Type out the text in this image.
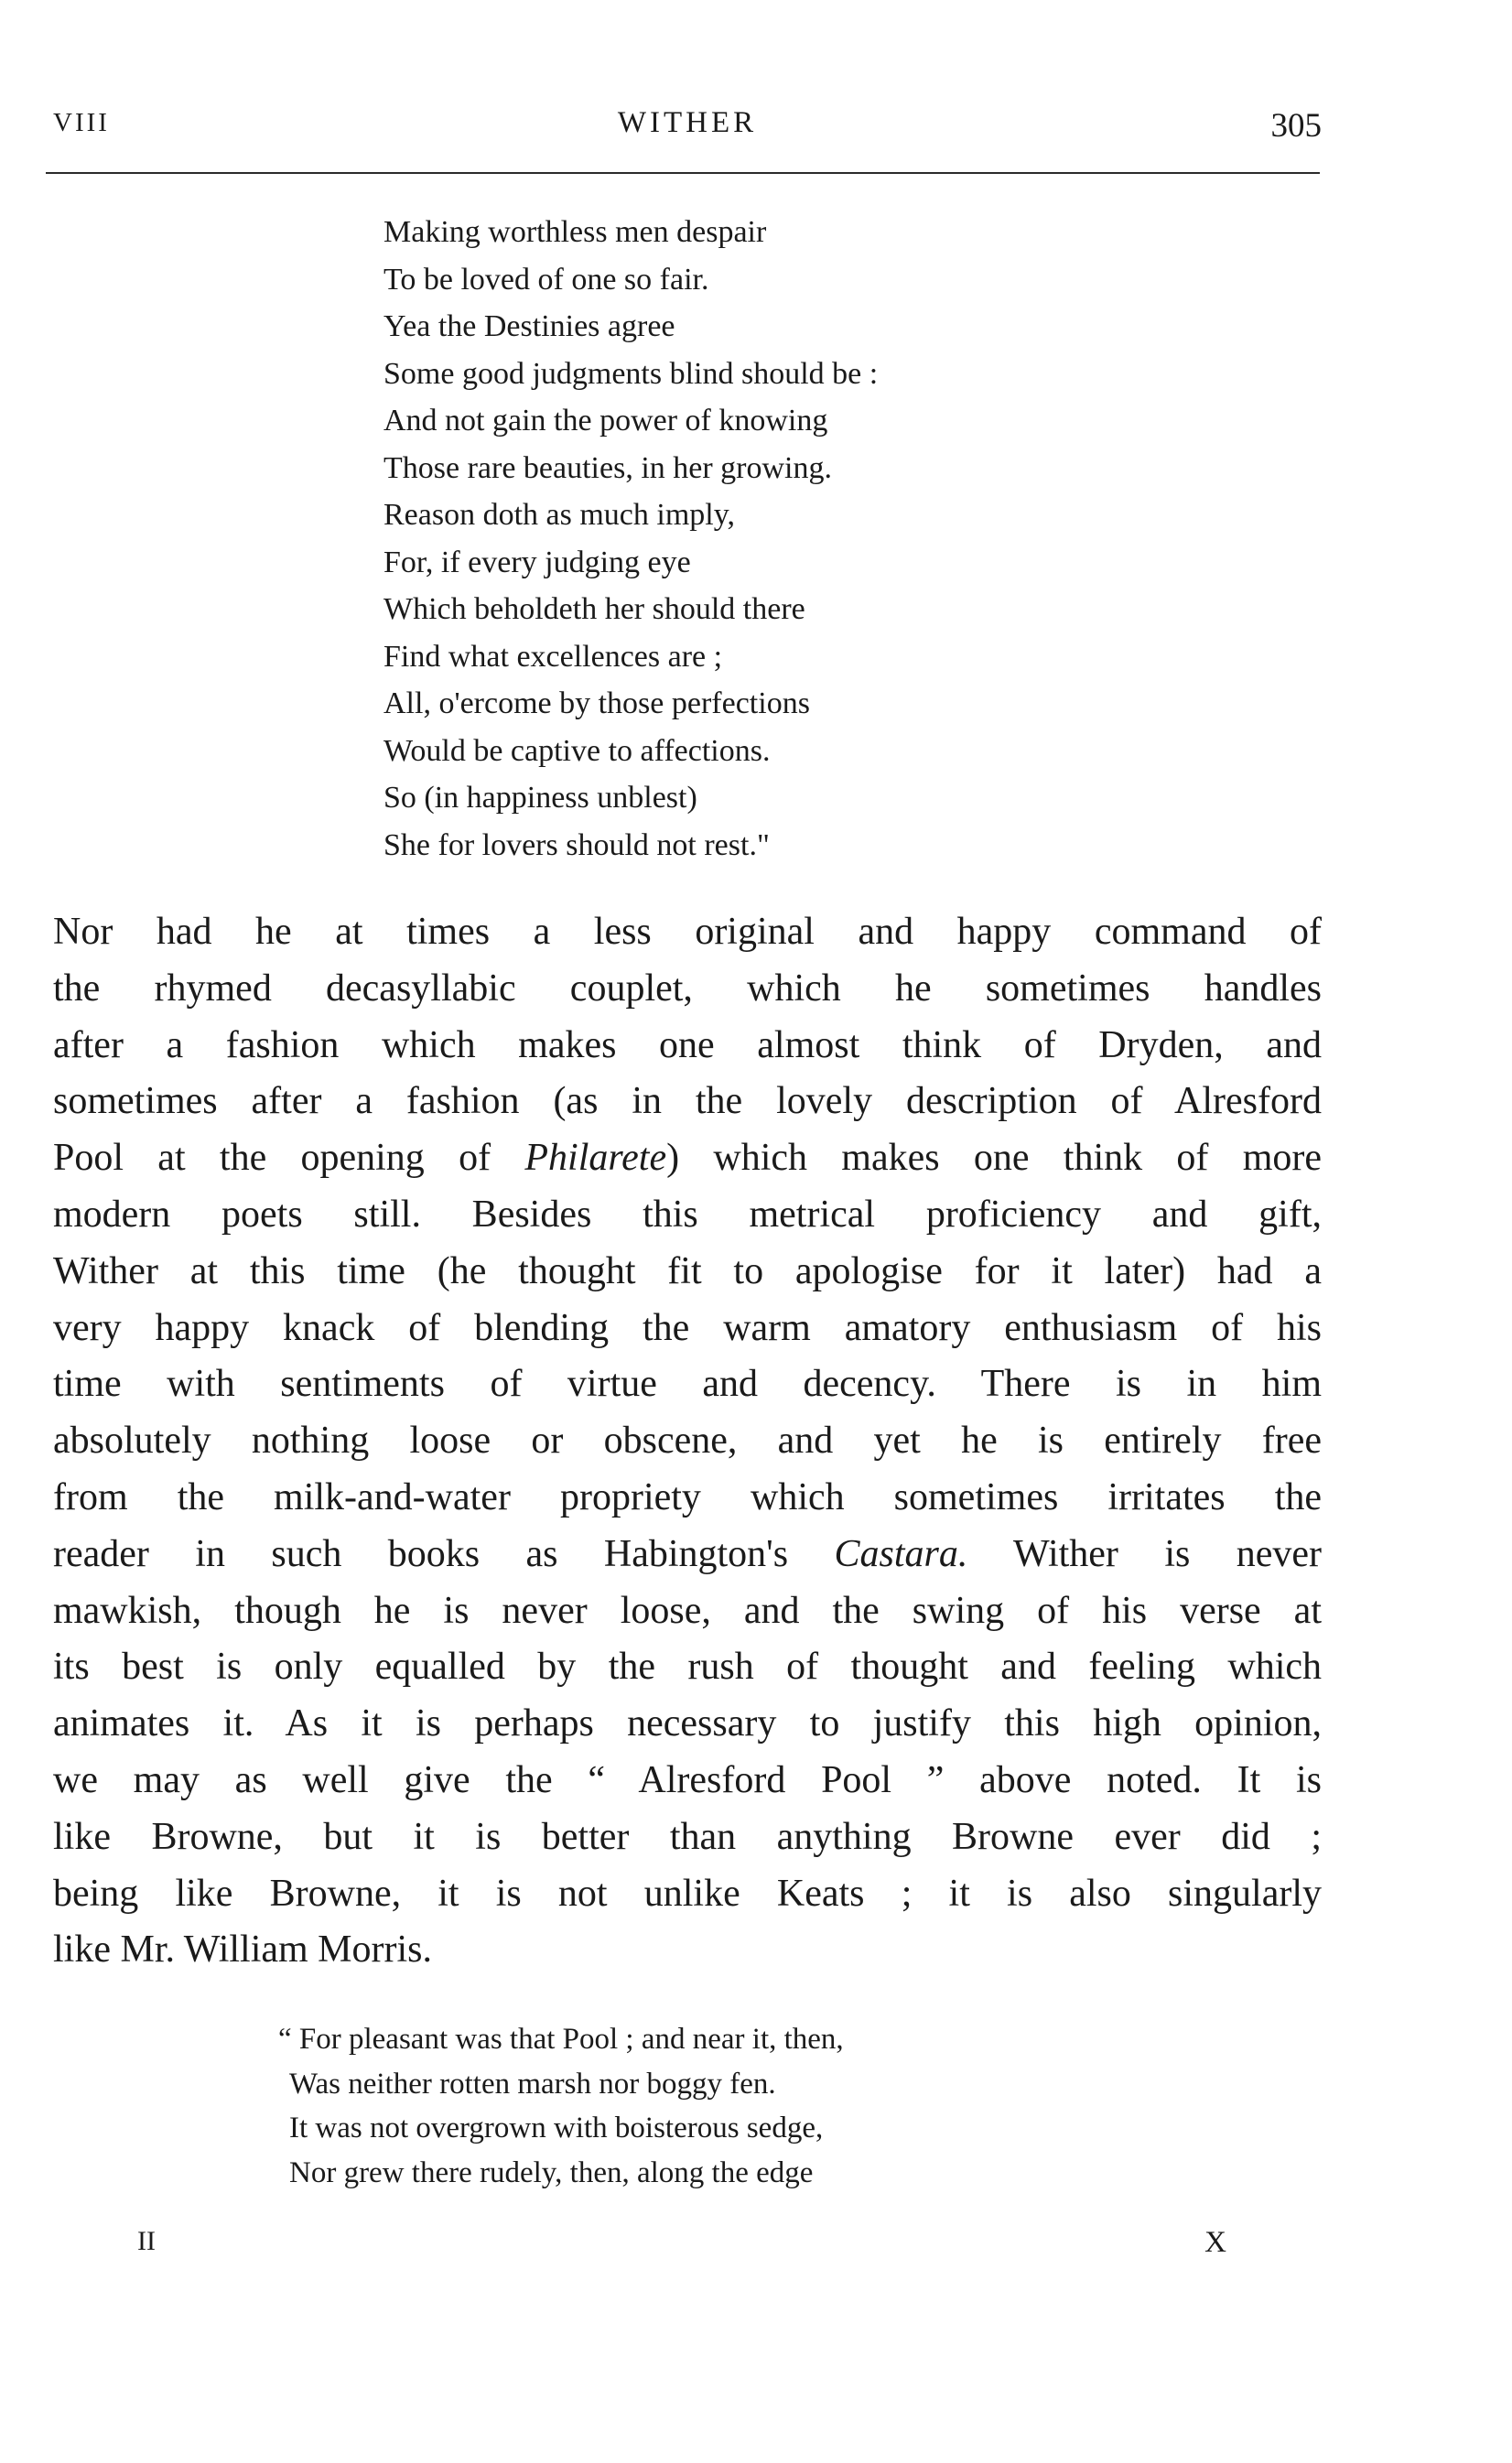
VIII	WITHER	305
Making worthless men despair
To be loved of one so fair.
Yea the Destinies agree
Some good judgments blind should be :
And not gain the power of knowing
Those rare beauties, in her growing.
Reason doth as much imply,
For, if every judging eye
Which beholdeth her should there
Find what excellences are ;
All, o'ercome by those perfections
Would be captive to affections.
So (in happiness unblest)
She for lovers should not rest."
Nor had he at times a less original and happy command of
the rhymed decasyllabic couplet, which he sometimes handles
after a fashion which makes one almost think of Dryden, and
sometimes after a fashion (as in the lovely description of Alresford
Pool at the opening of Philarete) which makes one think of more
modern poets still. Besides this metrical proficiency and gift,
Wither at this time (he thought fit to apologise for it later) had a
very happy knack of blending the warm amatory enthusiasm of his
time with sentiments of virtue and decency. There is in him
absolutely nothing loose or obscene, and yet he is entirely free
from the milk-and-water propriety which sometimes irritates the
reader in such books as Habington's Castara. Wither is never
mawkish, though he is never loose, and the swing of his verse at
its best is only equalled by the rush of thought and feeling which
animates it. As it is perhaps necessary to justify this high opinion,
we may as well give the “ Alresford Pool ” above noted. It is
like Browne, but it is better than anything Browne ever did ;
being like Browne, it is not unlike Keats ; it is also singularly
like Mr. William Morris.
“ For pleasant was that Pool ; and near it, then,
Was neither rotten marsh nor boggy fen.
It was not overgrown with boisterous sedge,
Nor grew there rudely, then, along the edge
II	X
